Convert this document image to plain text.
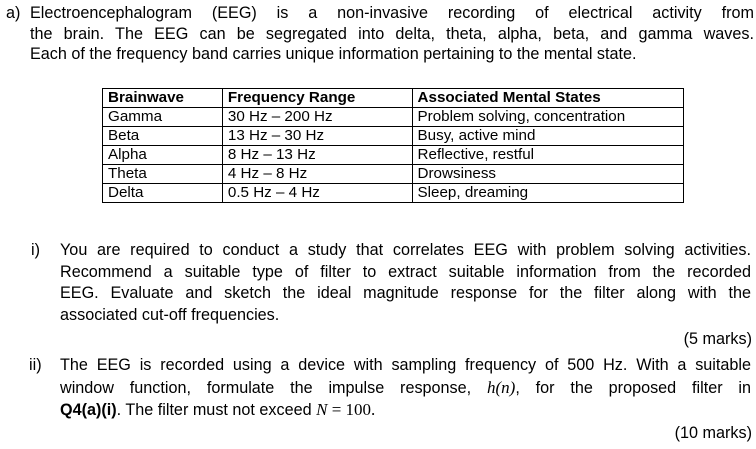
a) Electroencephalogram (EEG) is a non-invasive recording of electrical activity from
the brain. The EEG can be segregated into delta, theta, alpha, beta, and gamma waves.
Each of the frequency band carries unique information pertaining to the mental state.
Brainwave	Frequency Range	Associated Mental States
Gamma	30 Hz – 200 Hz	Problem solving, concentration
Beta	13 Hz – 30 Hz	Busy, active mind
Alpha	8 Hz – 13 Hz	Reflective, restful
Theta	4 Hz – 8 Hz	Drowsiness
Delta	0.5 Hz – 4 Hz	Sleep, dreaming
i) You are required to conduct a study that correlates EEG with problem solving activities.
Recommend a suitable type of filter to extract suitable information from the recorded
EEG. Evaluate and sketch the ideal magnitude response for the filter along with the
associated cut-off frequencies.
(5 marks)
ii) The EEG is recorded using a device with sampling frequency of 500 Hz. With a suitable
window function, formulate the impulse response, h(n), for the proposed filter in
Q4(a)(i). The filter must not exceed N = 100.
(10 marks)
